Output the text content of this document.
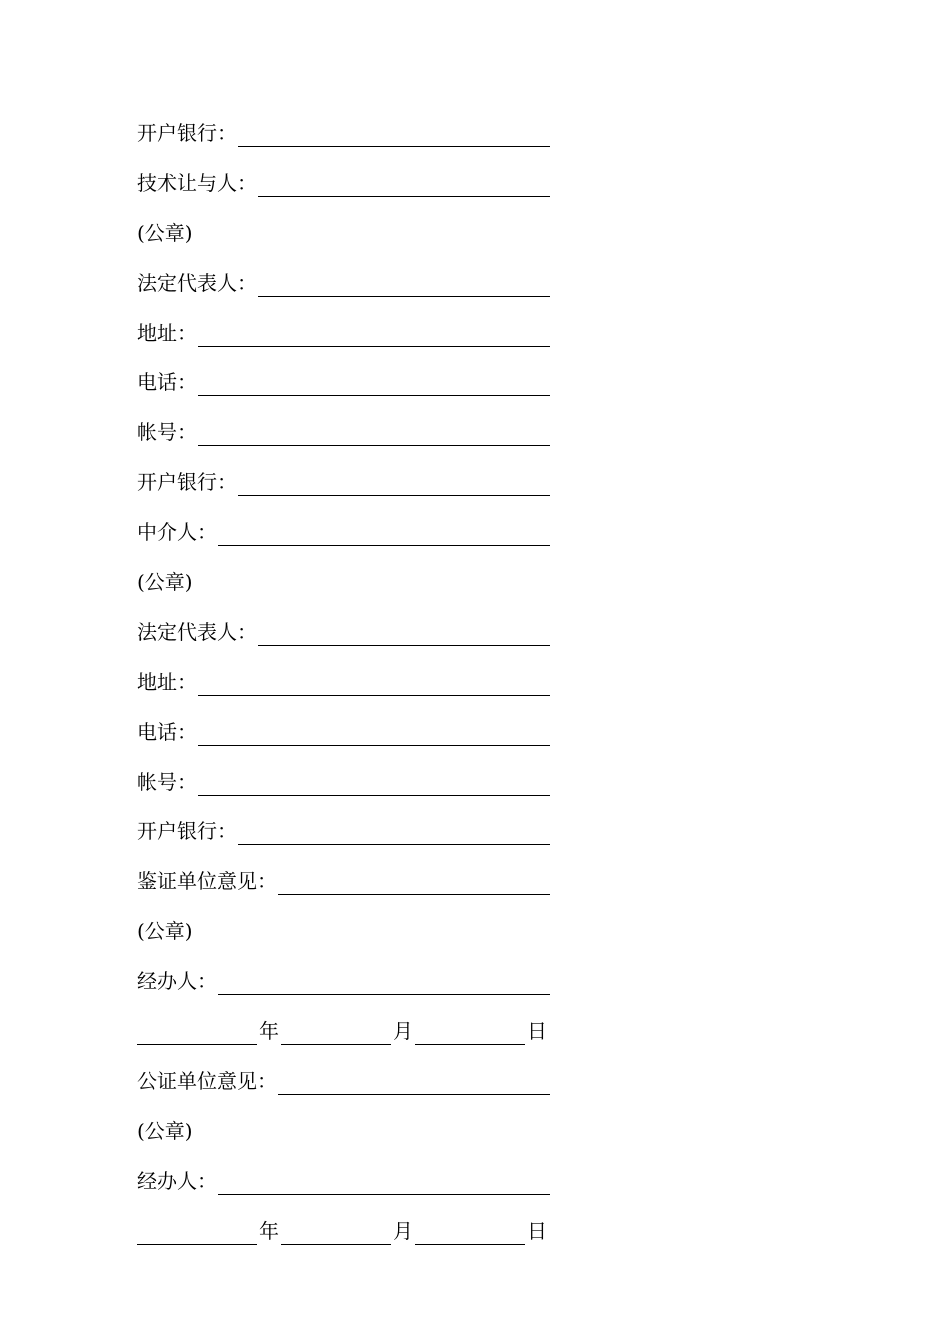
开户银行：
技术让与人：
(公章)
法定代表人：
地址：
电话：
帐号：
开户银行：
中介人：
(公章)
法定代表人：
地址：
电话：
帐号：
开户银行：
鉴证单位意见：
(公章)
经办人：
年	月	日
公证单位意见：
(公章)
经办人：
年	月	日
